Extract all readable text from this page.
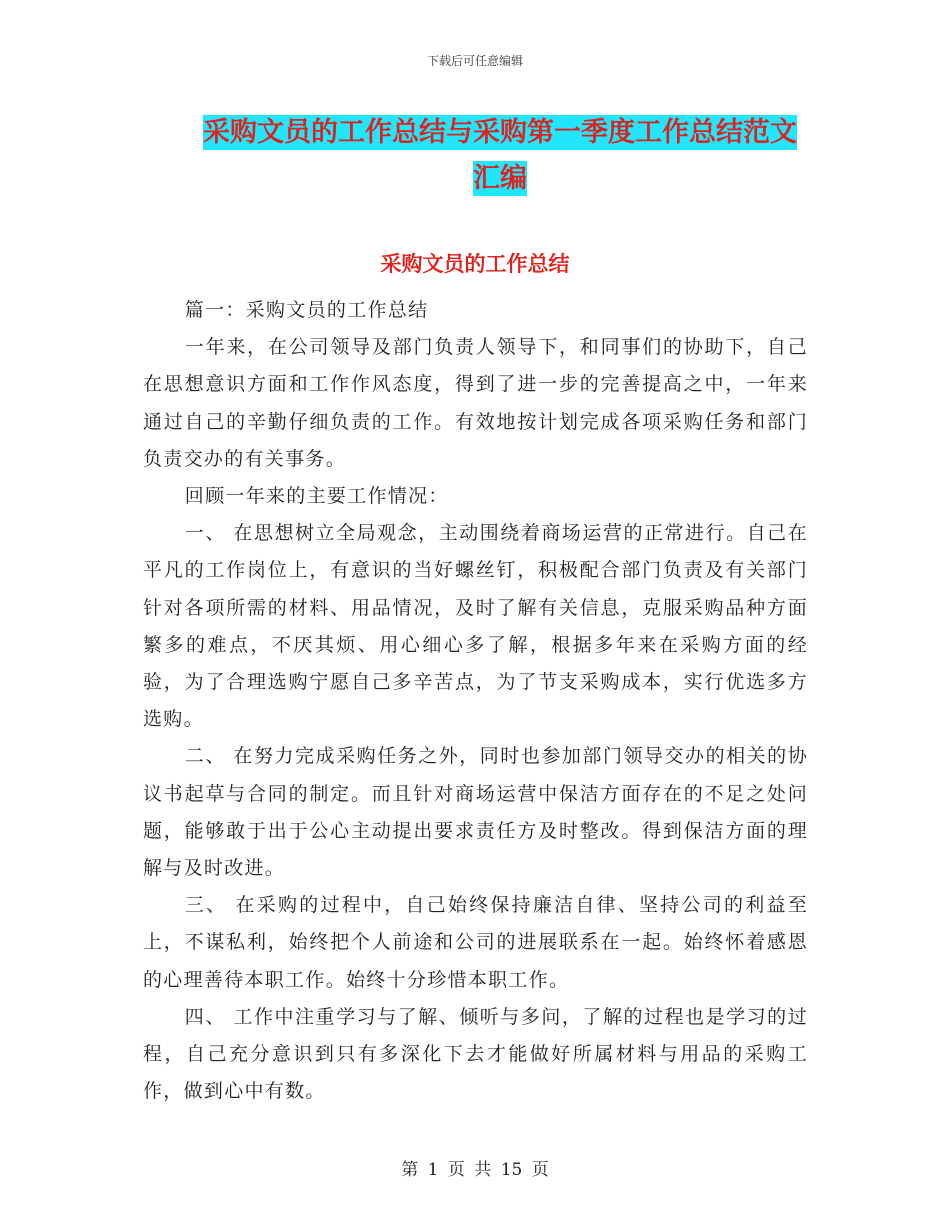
下载后可任意编辑
采购文员的工作总结与采购第一季度工作总结范文汇编
采购文员的工作总结

篇一：采购文员的工作总结

一年来，在公司领导及部门负责人领导下，和同事们的协助下，自己在思想意识方面和工作作风态度，得到了进一步的完善提高之中，一年来通过自己的辛勤仔细负责的工作。有效地按计划完成各项采购任务和部门负责交办的有关事务。

回顾一年来的主要工作情况：

一、 在思想树立全局观念，主动围绕着商场运营的正常进行。自己在平凡的工作岗位上，有意识的当好螺丝钉，积极配合部门负责及有关部门针对各项所需的材料、用品情况，及时了解有关信息，克服采购品种方面繁多的难点，不厌其烦、用心细心多了解，根据多年来在采购方面的经验，为了合理选购宁愿自己多辛苦点，为了节支采购成本，实行优选多方选购。

二、 在努力完成采购任务之外，同时也参加部门领导交办的相关的协议书起草与合同的制定。而且针对商场运营中保洁方面存在的不足之处问题，能够敢于出于公心主动提出要求责任方及时整改。得到保洁方面的理解与及时改进。

三、 在采购的过程中，自己始终保持廉洁自律、坚持公司的利益至上，不谋私利，始终把个人前途和公司的进展联系在一起。始终怀着感恩的心理善待本职工作。始终十分珍惜本职工作。

四、 工作中注重学习与了解、倾听与多问，了解的过程也是学习的过程，自己充分意识到只有多深化下去才能做好所属材料与用品的采购工作，做到心中有数。

第 1 页 共 15 页
